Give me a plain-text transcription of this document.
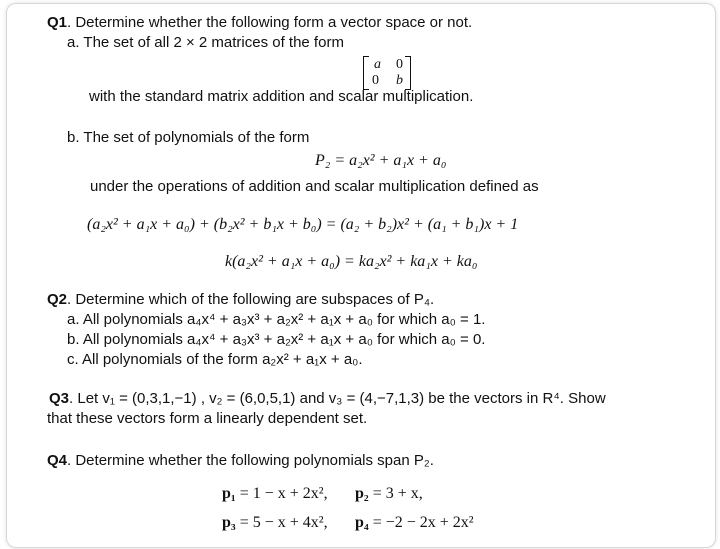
Q1. Determine whether the following form a vector space or not.
a. The set of all 2 × 2 matrices of the form
a 0
0 b
with the standard matrix addition and scalar multiplication.
b. The set of polynomials of the form
P₂ = a₂x² + a₁x + a₀
under the operations of addition and scalar multiplication defined as
(a₂x² + a₁x + a₀) + (b₂x² + b₁x + b₀) = (a₂ + b₂)x² + (a₁ + b₁)x + 1
k(a₂x² + a₁x + a₀) = ka₂x² + ka₁x + ka₀
Q2. Determine which of the following are subspaces of P₄.
a. All polynomials a₄x⁴ + a₃x³ + a₂x² + a₁x + a₀ for which a₀ = 1.
b. All polynomials a₄x⁴ + a₃x³ + a₂x² + a₁x + a₀ for which a₀ = 0.
c. All polynomials of the form a₂x² + a₁x + a₀.
Q3. Let v₁ = (0,3,1,−1) , v₂ = (6,0,5,1) and v₃ = (4,−7,1,3) be the vectors in R⁴. Show
that these vectors form a linearly dependent set.
Q4. Determine whether the following polynomials span P₂.
p₁ = 1 − x + 2x², p₂ = 3 + x,
p₃ = 5 − x + 4x², p₄ = −2 − 2x + 2x²
